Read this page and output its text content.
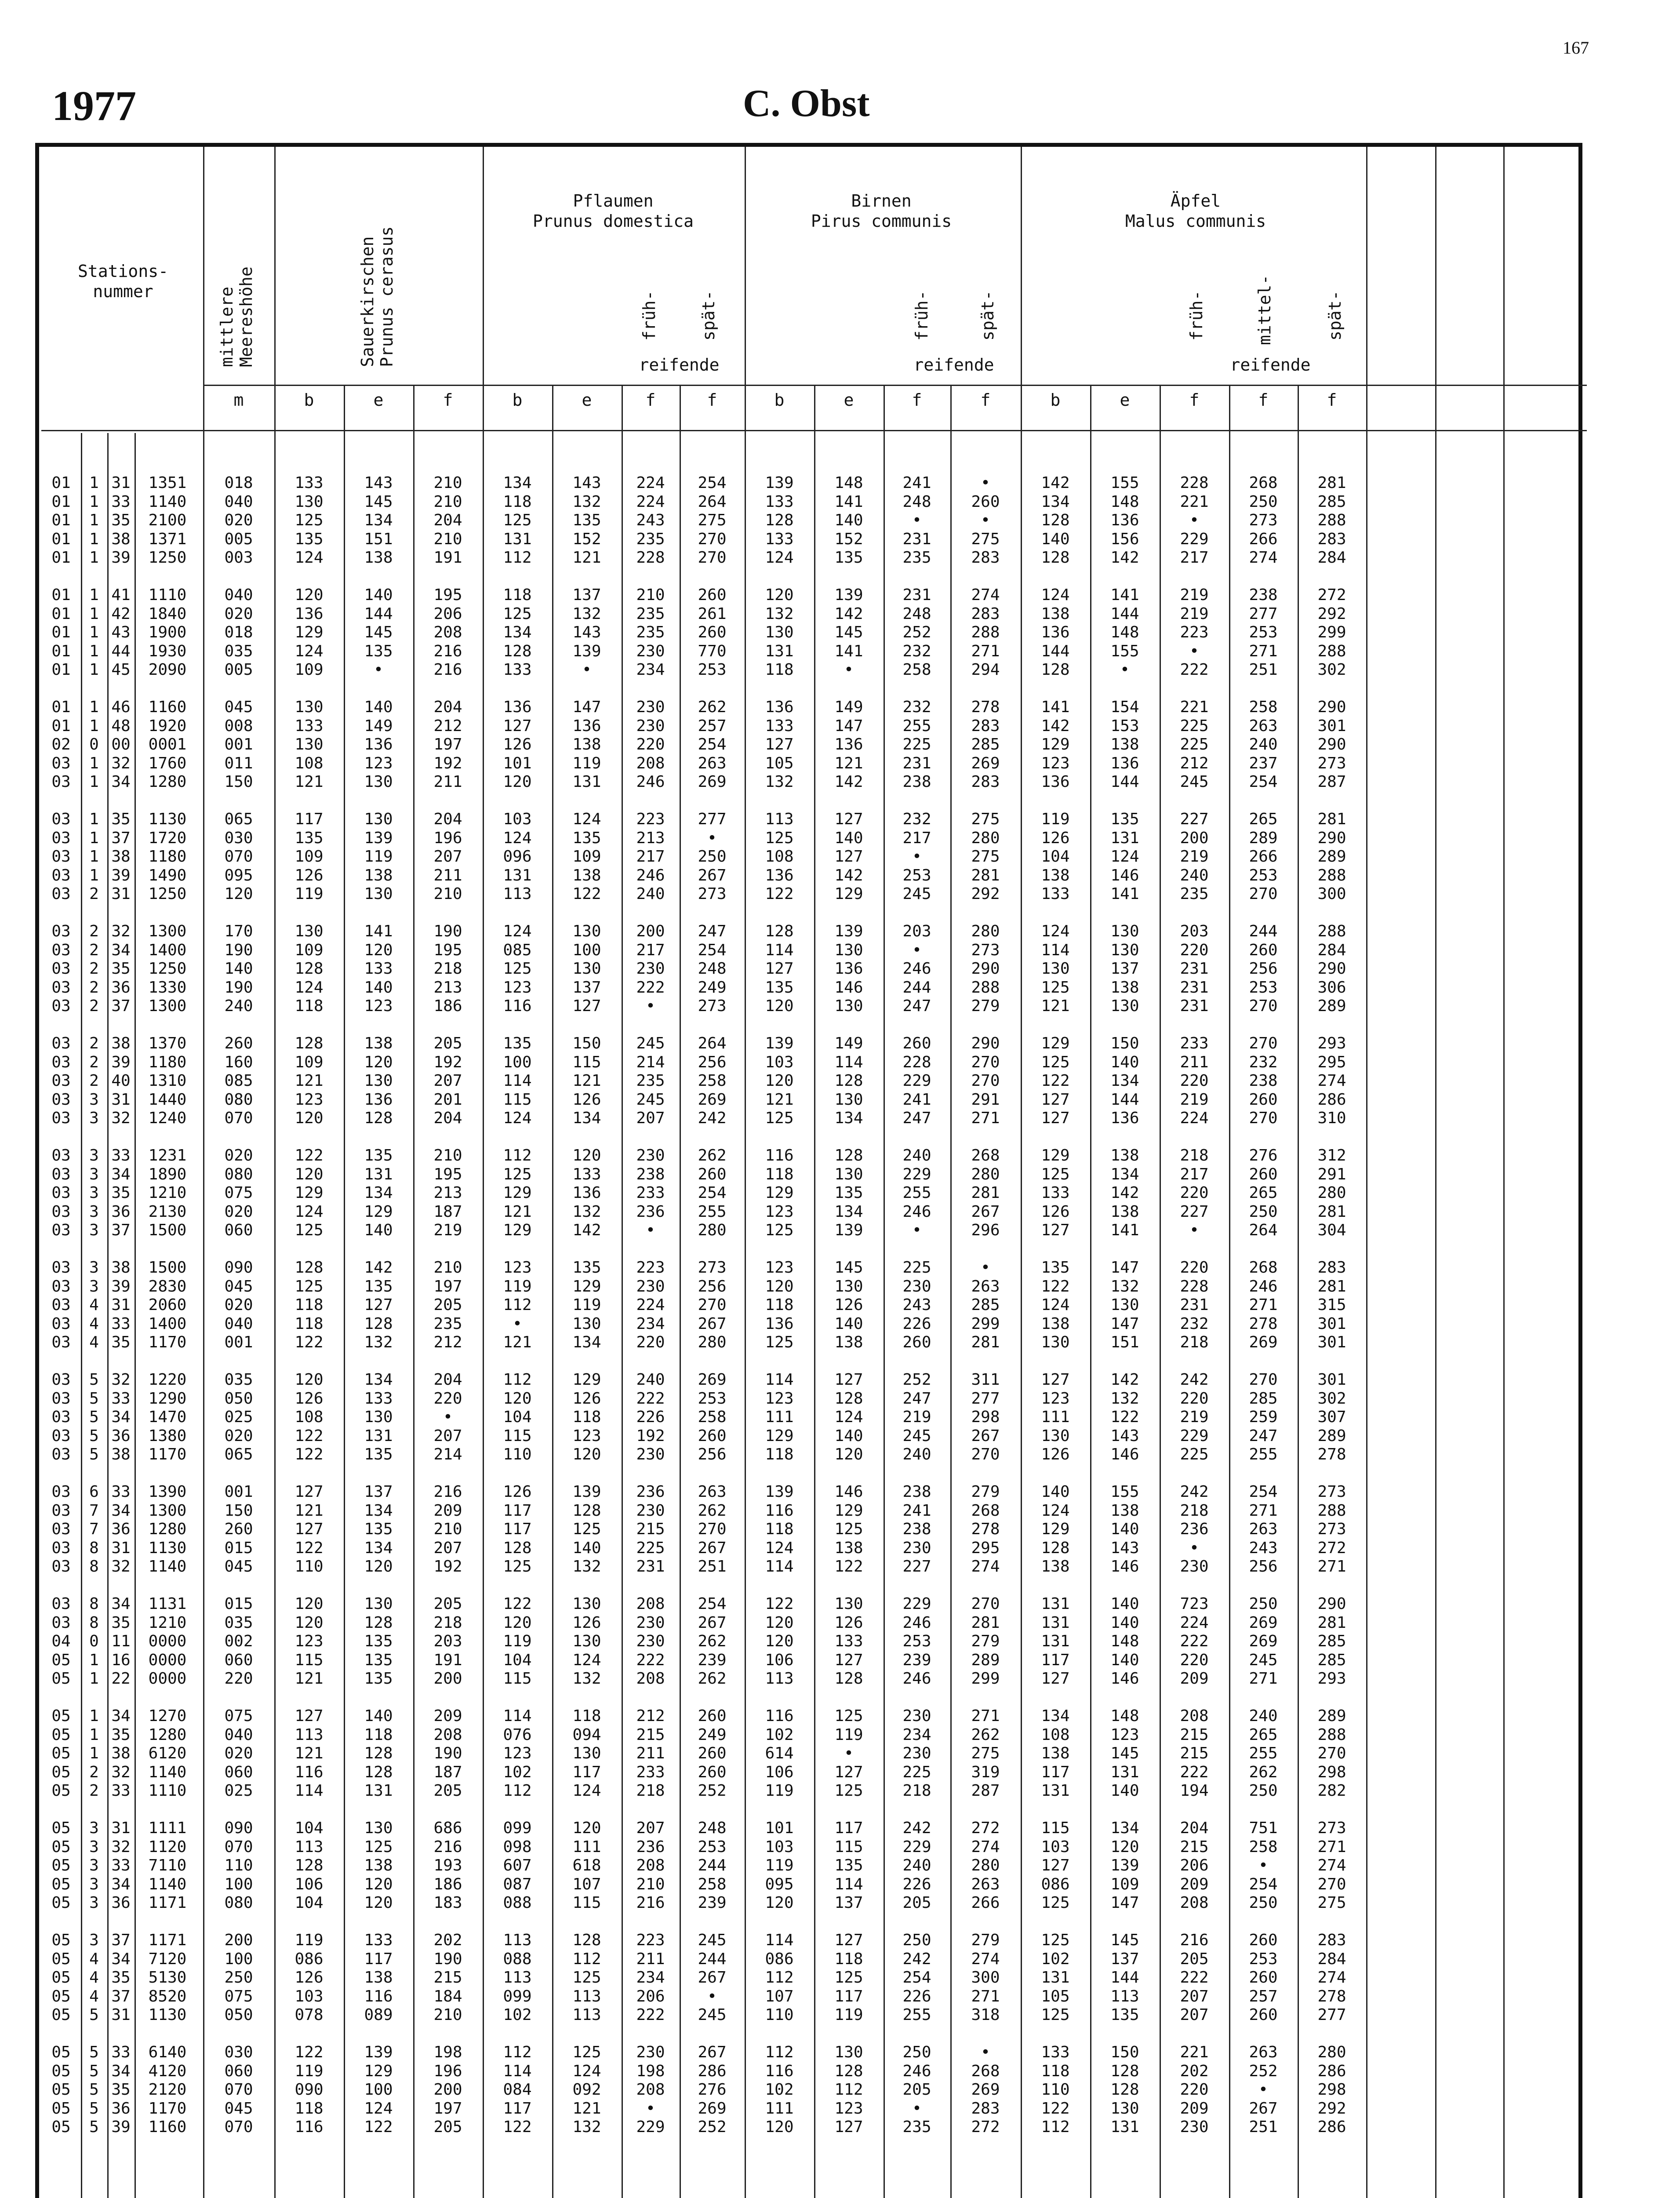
167
1977	C. Obst
Stations-
nummer	mittlere
Meereshöhe	Sauerkirschen
Prunus cerasus
Pflaumen
Prunus domestica
Birnen
Pirus communis
Äpfel
Malus communis
früh- spät-	früh-	spät-	früh-	mittel-	spät-
reifende	reifende	reifende
m	b	e	f	b	e	f	f	b	e	f	f	b	e	f	f	f
01	1 31	1351	018	133	143	210	134	143	224	254	139	148	241	•	142	155	228	268	281
01	1 33	1140	040	130	145	210	118	132	224	264	133	141	248	260	134	148	221	250	285
01	1 35	2100	020	125	134	204	125	135	243	275	128	140	•	•	128	136	•	273	288
01	1 38	1371	005	135	151	210	131	152	235	270	133	152	231	275	140	156	229	266	283
01	1 39	1250	003	124	138	191	112	121	228	270	124	135	235	283	128	142	217	274	284
01	1 41	1110	040	120	140	195	118	137	210	260	120	139	231	274	124	141	219	238	272
01	1 42	1840	020	136	144	206	125	132	235	261	132	142	248	283	138	144	219	277	292
01	1 43	1900	018	129	145	208	134	143	235	260	130	145	252	288	136	148	223	253	299
01	1 44	1930	035	124	135	216	128	139	230	770	131	141	232	271	144	155	•	271	288
01	1 45	2090	005	109	•	216	133	•	234	253	118	•	258	294	128	•	222	251	302
01	1 46	1160	045	130	140	204	136	147	230	262	136	149	232	278	141	154	221	258	290
01	1 48	1920	008	133	149	212	127	136	230	257	133	147	255	283	142	153	225	263	301
02	0 00	0001	001	130	136	197	126	138	220	254	127	136	225	285	129	138	225	240	290
03	1 32	1760	011	108	123	192	101	119	208	263	105	121	231	269	123	136	212	237	273
03	1 34	1280	150	121	130	211	120	131	246	269	132	142	238	283	136	144	245	254	287
03	1 35	1130	065	117	130	204	103	124	223	277	113	127	232	275	119	135	227	265	281
03	1 37	1720	030	135	139	196	124	135	213	•	125	140	217	280	126	131	200	289	290
03	1 38	1180	070	109	119	207	096	109	217	250	108	127	•	275	104	124	219	266	289
03	1 39	1490	095	126	138	211	131	138	246	267	136	142	253	281	138	146	240	253	288
03	2 31	1250	120	119	130	210	113	122	240	273	122	129	245	292	133	141	235	270	300
03	2 32	1300	170	130	141	190	124	130	200	247	128	139	203	280	124	130	203	244	288
03	2 34	1400	190	109	120	195	085	100	217	254	114	130	•	273	114	130	220	260	284
03	2 35	1250	140	128	133	218	125	130	230	248	127	136	246	290	130	137	231	256	290
03	2 36	1330	190	124	140	213	123	137	222	249	135	146	244	288	125	138	231	253	306
03	2 37	1300	240	118	123	186	116	127	•	273	120	130	247	279	121	130	231	270	289
03	2 38	1370	260	128	138	205	135	150	245	264	139	149	260	290	129	150	233	270	293
03	2 39	1180	160	109	120	192	100	115	214	256	103	114	228	270	125	140	211	232	295
03	2 40	1310	085	121	130	207	114	121	235	258	120	128	229	270	122	134	220	238	274
03	3 31	1440	080	123	136	201	115	126	245	269	121	130	241	291	127	144	219	260	286
03	3 32	1240	070	120	128	204	124	134	207	242	125	134	247	271	127	136	224	270	310
03	3 33	1231	020	122	135	210	112	120	230	262	116	128	240	268	129	138	218	276	312
03	3 34	1890	080	120	131	195	125	133	238	260	118	130	229	280	125	134	217	260	291
03	3 35	1210	075	129	134	213	129	136	233	254	129	135	255	281	133	142	220	265	280
03	3 36	2130	020	124	129	187	121	132	236	255	123	134	246	267	126	138	227	250	281
03	3 37	1500	060	125	140	219	129	142	•	280	125	139	•	296	127	141	•	264	304
03	3 38	1500	090	128	142	210	123	135	223	273	123	145	225	•	135	147	220	268	283
03	3 39	2830	045	125	135	197	119	129	230	256	120	130	230	263	122	132	228	246	281
03	4 31	2060	020	118	127	205	112	119	224	270	118	126	243	285	124	130	231	271	315
03	4 33	1400	040	118	128	235	•	130	234	267	136	140	226	299	138	147	232	278	301
03	4 35	1170	001	122	132	212	121	134	220	280	125	138	260	281	130	151	218	269	301
03	5 32	1220	035	120	134	204	112	129	240	269	114	127	252	311	127	142	242	270	301
03	5 33	1290	050	126	133	220	120	126	222	253	123	128	247	277	123	132	220	285	302
03	5 34	1470	025	108	130	•	104	118	226	258	111	124	219	298	111	122	219	259	307
03	5 36	1380	020	122	131	207	115	123	192	260	129	140	245	267	130	143	229	247	289
03	5 38	1170	065	122	135	214	110	120	230	256	118	120	240	270	126	146	225	255	278
03	6 33	1390	001	127	137	216	126	139	236	263	139	146	238	279	140	155	242	254	273
03	7 34	1300	150	121	134	209	117	128	230	262	116	129	241	268	124	138	218	271	288
03	7 36	1280	260	127	135	210	117	125	215	270	118	125	238	278	129	140	236	263	273
03	8 31	1130	015	122	134	207	128	140	225	267	124	138	230	295	128	143	•	243	272
03	8 32	1140	045	110	120	192	125	132	231	251	114	122	227	274	138	146	230	256	271
03	8 34	1131	015	120	130	205	122	130	208	254	122	130	229	270	131	140	723	250	290
03	8 35	1210	035	120	128	218	120	126	230	267	120	126	246	281	131	140	224	269	281
04	0 11	0000	002	123	135	203	119	130	230	262	120	133	253	279	131	148	222	269	285
05	1 16	0000	060	115	135	191	104	124	222	239	106	127	239	289	117	140	220	245	285
05	1 22	0000	220	121	135	200	115	132	208	262	113	128	246	299	127	146	209	271	293
05	1 34	1270	075	127	140	209	114	118	212	260	116	125	230	271	134	148	208	240	289
05	1 35	1280	040	113	118	208	076	094	215	249	102	119	234	262	108	123	215	265	288
05	1 38	6120	020	121	128	190	123	130	211	260	614	•	230	275	138	145	215	255	270
05	2 32	1140	060	116	128	187	102	117	233	260	106	127	225	319	117	131	222	262	298
05	2 33	1110	025	114	131	205	112	124	218	252	119	125	218	287	131	140	194	250	282
05	3 31	1111	090	104	130	686	099	120	207	248	101	117	242	272	115	134	204	751	273
05	3 32	1120	070	113	125	216	098	111	236	253	103	115	229	274	103	120	215	258	271
05	3 33	7110	110	128	138	193	607	618	208	244	119	135	240	280	127	139	206	•	274
05	3 34	1140	100	106	120	186	087	107	210	258	095	114	226	263	086	109	209	254	270
05	3 36	1171	080	104	120	183	088	115	216	239	120	137	205	266	125	147	208	250	275
05	3 37	1171	200	119	133	202	113	128	223	245	114	127	250	279	125	145	216	260	283
05	4 34	7120	100	086	117	190	088	112	211	244	086	118	242	274	102	137	205	253	284
05	4 35	5130	250	126	138	215	113	125	234	267	112	125	254	300	131	144	222	260	274
05	4 37	8520	075	103	116	184	099	113	206	•	107	117	226	271	105	113	207	257	278
05	5 31	1130	050	078	089	210	102	113	222	245	110	119	255	318	125	135	207	260	277
05	5 33	6140	030	122	139	198	112	125	230	267	112	130	250	•	133	150	221	263	280
05	5 34	4120	060	119	129	196	114	124	198	286	116	128	246	268	118	128	202	252	286
05	5 35	2120	070	090	100	200	084	092	208	276	102	112	205	269	110	128	220	•	298
05	5 36	1170	045	118	124	197	117	121	•	269	111	123	•	283	122	130	209	267	292
05	5 39	1160	070	116	122	205	122	132	229	252	120	127	235	272	112	131	230	251	286
